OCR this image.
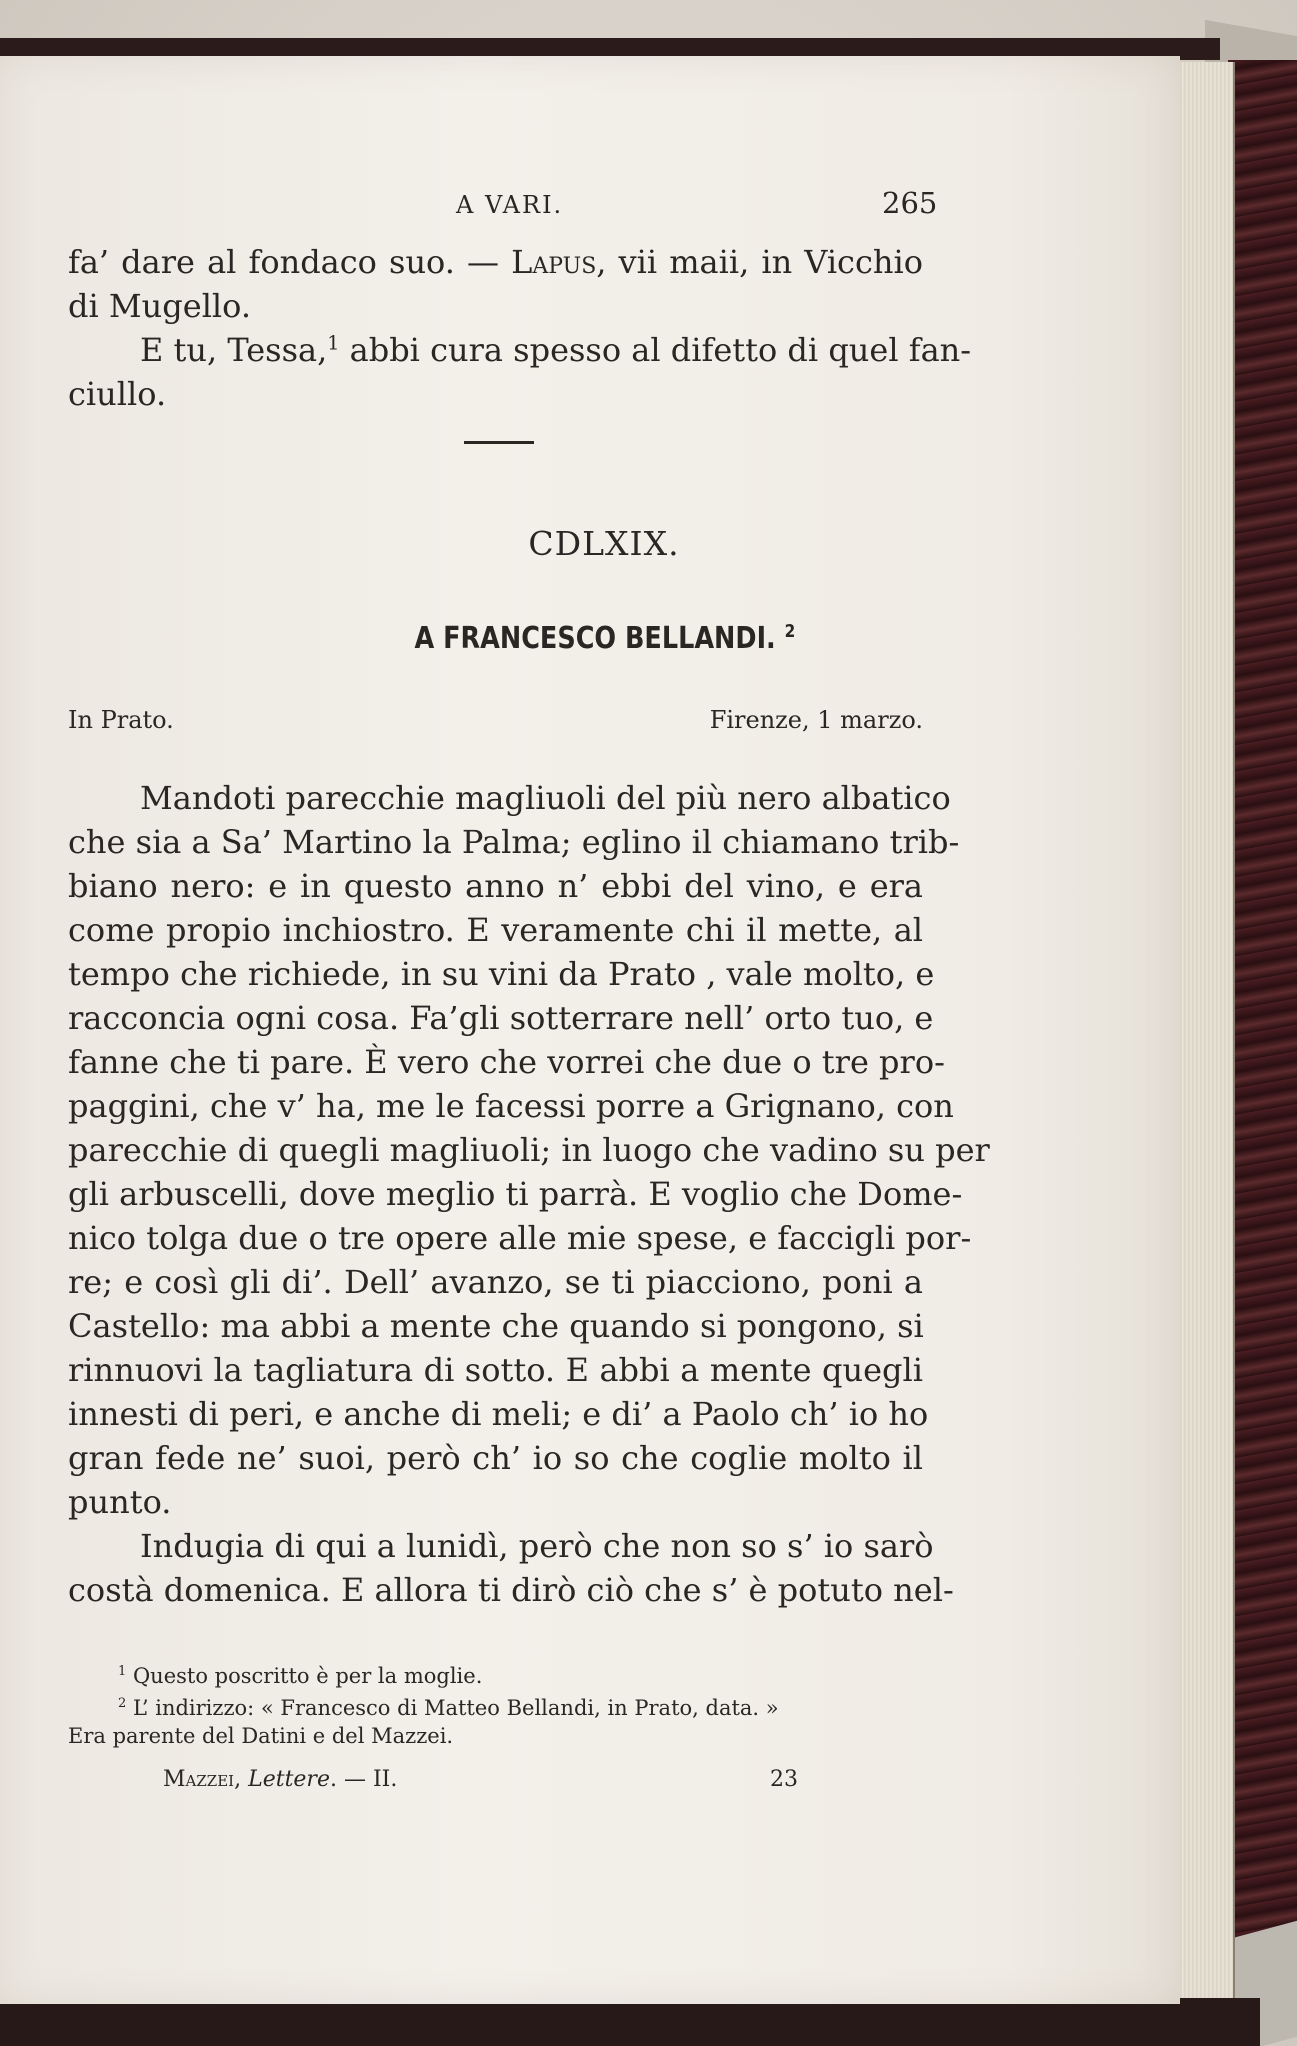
A VARI.	265
fa’ dare al fondaco suo. — Lapus, vii maii, in Vicchio
di Mugello.
E tu, Tessa,$^1$ abbi cura spesso al difetto di quel fan-
ciullo.
CDLXIX.
A FRANCESCO BELLANDI. $^2$
In Prato.	Firenze, 1 marzo.
Mandoti parecchie magliuoli del più nero albatico
che sia a Sa’ Martino la Palma; eglino il chiamano trib-
biano nero: e in questo anno n’ ebbi del vino, e era
come propio inchiostro. E veramente chi il mette, al
tempo che richiede, in su vini da Prato , vale molto, e
racconcia ogni cosa. Fa’gli sotterrare nell’ orto tuo, e
fanne che ti pare. È vero che vorrei che due o tre pro-
paggini, che v’ ha, me le facessi porre a Grignano, con
parecchie di quegli magliuoli; in luogo che vadino su per
gli arbuscelli, dove meglio ti parrà. E voglio che Dome-
nico tolga due o tre opere alle mie spese, e faccigli por-
re; e così gli di’. Dell’ avanzo, se ti piacciono, poni a
Castello: ma abbi a mente che quando si pongono, si
rinnuovi la tagliatura di sotto. E abbi a mente quegli
innesti di peri, e anche di meli; e di’ a Paolo ch’ io ho
gran fede ne’ suoi, però ch’ io so che coglie molto il
punto.
Indugia di qui a lunidì, però che non so s’ io sarò
costà domenica. E allora ti dirò ciò che s’ è potuto nel-
$^1$ Questo poscritto è per la moglie.
$^2$ L’ indirizzo: « Francesco di Matteo Bellandi, in Prato, data. »
Era parente del Datini e del Mazzei.
Mazzei, Lettere. — II.	23
